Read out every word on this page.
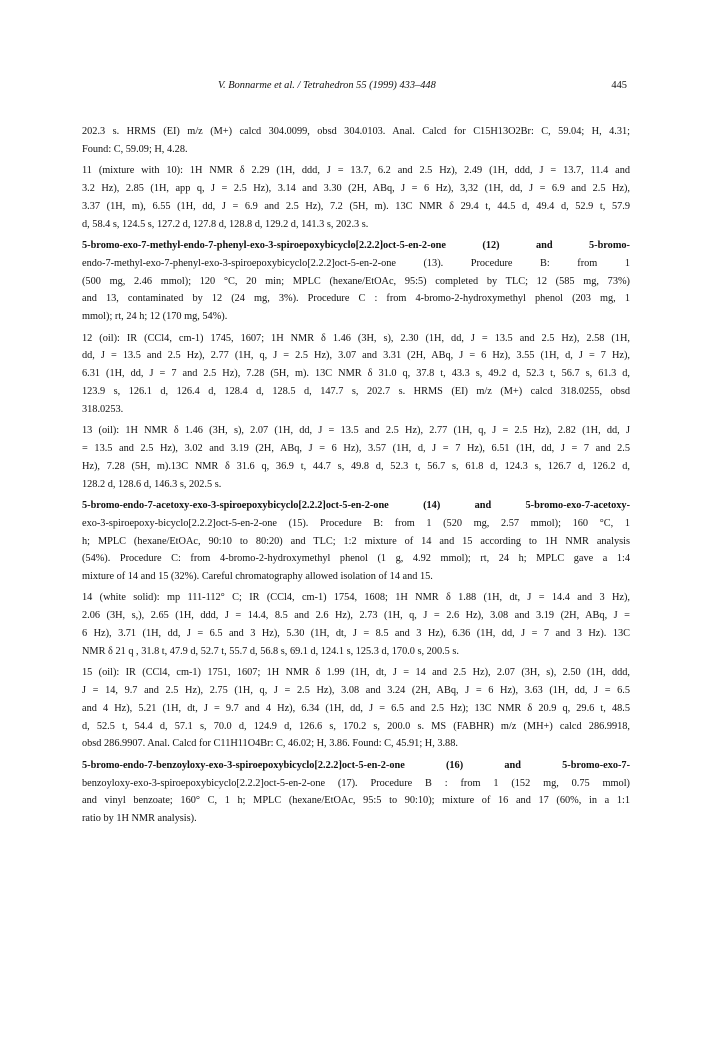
V. Bonnarme et al. / Tetrahedron 55 (1999) 433–448	445
202.3 s. HRMS (EI) m/z (M+) calcd 304.0099, obsd 304.0103. Anal. Calcd for C15H13O2Br: C, 59.04; H, 4.31;
Found: C, 59.09; H, 4.28.
11 (mixture with 10): 1H NMR δ 2.29 (1H, ddd, J = 13.7, 6.2 and 2.5 Hz), 2.49 (1H, ddd, J = 13.7, 11.4 and
3.2 Hz), 2.85 (1H, app q, J = 2.5 Hz), 3.14 and 3.30 (2H, ABq, J = 6 Hz), 3,32 (1H, dd, J = 6.9 and 2.5 Hz),
3.37 (1H, m), 6.55 (1H, dd, J = 6.9 and 2.5 Hz), 7.2 (5H, m). 13C NMR δ 29.4 t, 44.5 d, 49.4 d, 52.9 t, 57.9
d, 58.4 s, 124.5 s, 127.2 d, 127.8 d, 128.8 d, 129.2 d, 141.3 s, 202.3 s.
5-bromo-exo-7-methyl-endo-7-phenyl-exo-3-spiroepoxybicyclo[2.2.2]oct-5-en-2-one (12) and 5-bromo-
endo-7-methyl-exo-7-phenyl-exo-3-spiroepoxybicyclo[2.2.2]oct-5-en-2-one (13). Procedure B: from 1
(500 mg, 2.46 mmol); 120 °C, 20 min; MPLC (hexane/EtOAc, 95:5) completed by TLC; 12 (585 mg, 73%)
and 13, contaminated by 12 (24 mg, 3%). Procedure C : from 4-bromo-2-hydroxymethyl phenol (203 mg, 1
mmol); rt, 24 h; 12 (170 mg, 54%).
12 (oil): IR (CCl4, cm-1) 1745, 1607; 1H NMR δ 1.46 (3H, s), 2.30 (1H, dd, J = 13.5 and 2.5 Hz), 2.58 (1H,
dd, J = 13.5 and 2.5 Hz), 2.77 (1H, q, J = 2.5 Hz), 3.07 and 3.31 (2H, ABq, J = 6 Hz), 3.55 (1H, d, J = 7 Hz),
6.31 (1H, dd, J = 7 and 2.5 Hz), 7.28 (5H, m). 13C NMR δ 31.0 q, 37.8 t, 43.3 s, 49.2 d, 52.3 t, 56.7 s, 61.3 d,
123.9 s, 126.1 d, 126.4 d, 128.4 d, 128.5 d, 147.7 s, 202.7 s. HRMS (EI) m/z (M+) calcd 318.0255, obsd
318.0253.
13 (oil): 1H NMR δ 1.46 (3H, s), 2.07 (1H, dd, J = 13.5 and 2.5 Hz), 2.77 (1H, q, J = 2.5 Hz), 2.82 (1H, dd, J
= 13.5 and 2.5 Hz), 3.02 and 3.19 (2H, ABq, J = 6 Hz), 3.57 (1H, d, J = 7 Hz), 6.51 (1H, dd, J = 7 and 2.5
Hz), 7.28 (5H, m).13C NMR δ 31.6 q, 36.9 t, 44.7 s, 49.8 d, 52.3 t, 56.7 s, 61.8 d, 124.3 s, 126.7 d, 126.2 d,
128.2 d, 128.6 d, 146.3 s, 202.5 s.
5-bromo-endo-7-acetoxy-exo-3-spiroepoxybicyclo[2.2.2]oct-5-en-2-one (14) and 5-bromo-exo-7-acetoxy-
exo-3-spiroepoxy-bicyclo[2.2.2]oct-5-en-2-one (15). Procedure B: from 1 (520 mg, 2.57 mmol); 160 °C, 1
h; MPLC (hexane/EtOAc, 90:10 to 80:20) and TLC; 1:2 mixture of 14 and 15 according to 1H NMR analysis
(54%). Procedure C: from 4-bromo-2-hydroxymethyl phenol (1 g, 4.92 mmol); rt, 24 h; MPLC gave a 1:4
mixture of 14 and 15 (32%). Careful chromatography allowed isolation of 14 and 15.
14 (white solid): mp 111-112° C; IR (CCl4, cm-1) 1754, 1608; 1H NMR δ 1.88 (1H, dt, J = 14.4 and 3 Hz),
2.06 (3H, s,), 2.65 (1H, ddd, J = 14.4, 8.5 and 2.6 Hz), 2.73 (1H, q, J = 2.6 Hz), 3.08 and 3.19 (2H, ABq, J =
6 Hz), 3.71 (1H, dd, J = 6.5 and 3 Hz), 5.30 (1H, dt, J = 8.5 and 3 Hz), 6.36 (1H, dd, J = 7 and 3 Hz). 13C
NMR δ 21 q , 31.8 t, 47.9 d, 52.7 t, 55.7 d, 56.8 s, 69.1 d, 124.1 s, 125.3 d, 170.0 s, 200.5 s.
15 (oil): IR (CCl4, cm-1) 1751, 1607; 1H NMR δ 1.99 (1H, dt, J = 14 and 2.5 Hz), 2.07 (3H, s), 2.50 (1H, ddd,
J = 14, 9.7 and 2.5 Hz), 2.75 (1H, q, J = 2.5 Hz), 3.08 and 3.24 (2H, ABq, J = 6 Hz), 3.63 (1H, dd, J = 6.5
and 4 Hz), 5.21 (1H, dt, J = 9.7 and 4 Hz), 6.34 (1H, dd, J = 6.5 and 2.5 Hz); 13C NMR δ 20.9 q, 29.6 t, 48.5
d, 52.5 t, 54.4 d, 57.1 s, 70.0 d, 124.9 d, 126.6 s, 170.2 s, 200.0 s. MS (FABHR) m/z (MH+) calcd 286.9918,
obsd 286.9907. Anal. Calcd for C11H11O4Br: C, 46.02; H, 3.86. Found: C, 45.91; H, 3.88.
5-bromo-endo-7-benzoyloxy-exo-3-spiroepoxybicyclo[2.2.2]oct-5-en-2-one (16) and 5-bromo-exo-7-
benzoyloxy-exo-3-spiroepoxybicyclo[2.2.2]oct-5-en-2-one (17). Procedure B : from 1 (152 mg, 0.75 mmol)
and vinyl benzoate; 160° C, 1 h; MPLC (hexane/EtOAc, 95:5 to 90:10); mixture of 16 and 17 (60%, in a 1:1
ratio by 1H NMR analysis).
